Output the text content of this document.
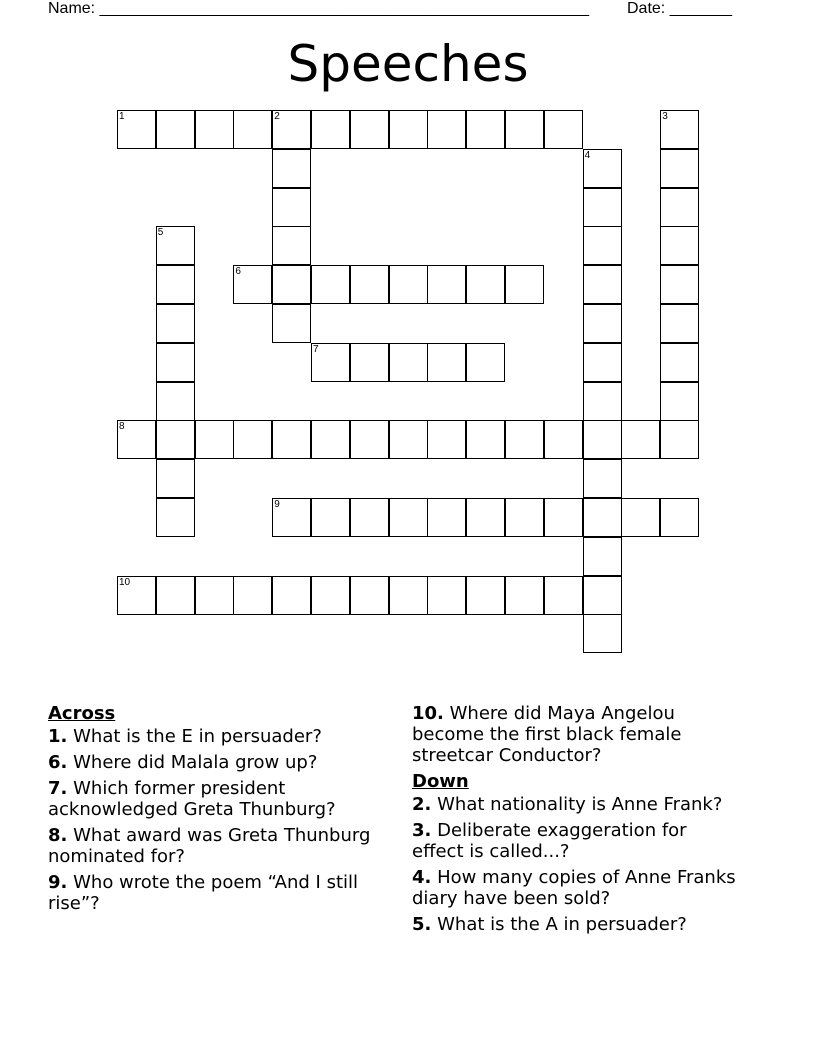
Name: _______________________________________________________ Date: _______
Speeches
1	2	3
4
5
6
7
8
9
10
Across
1. What is the E in persuader?
6. Where did Malala grow up?
7. Which former president acknowledged Greta Thunburg?
8. What award was Greta Thunburg nominated for?
9. Who wrote the poem “And I still rise”?
10. Where did Maya Angelou become the first black female streetcar Conductor?
Down
2. What nationality is Anne Frank?
3. Deliberate exaggeration for effect is called...?
4. How many copies of Anne Franks diary have been sold?
5. What is the A in persuader?
